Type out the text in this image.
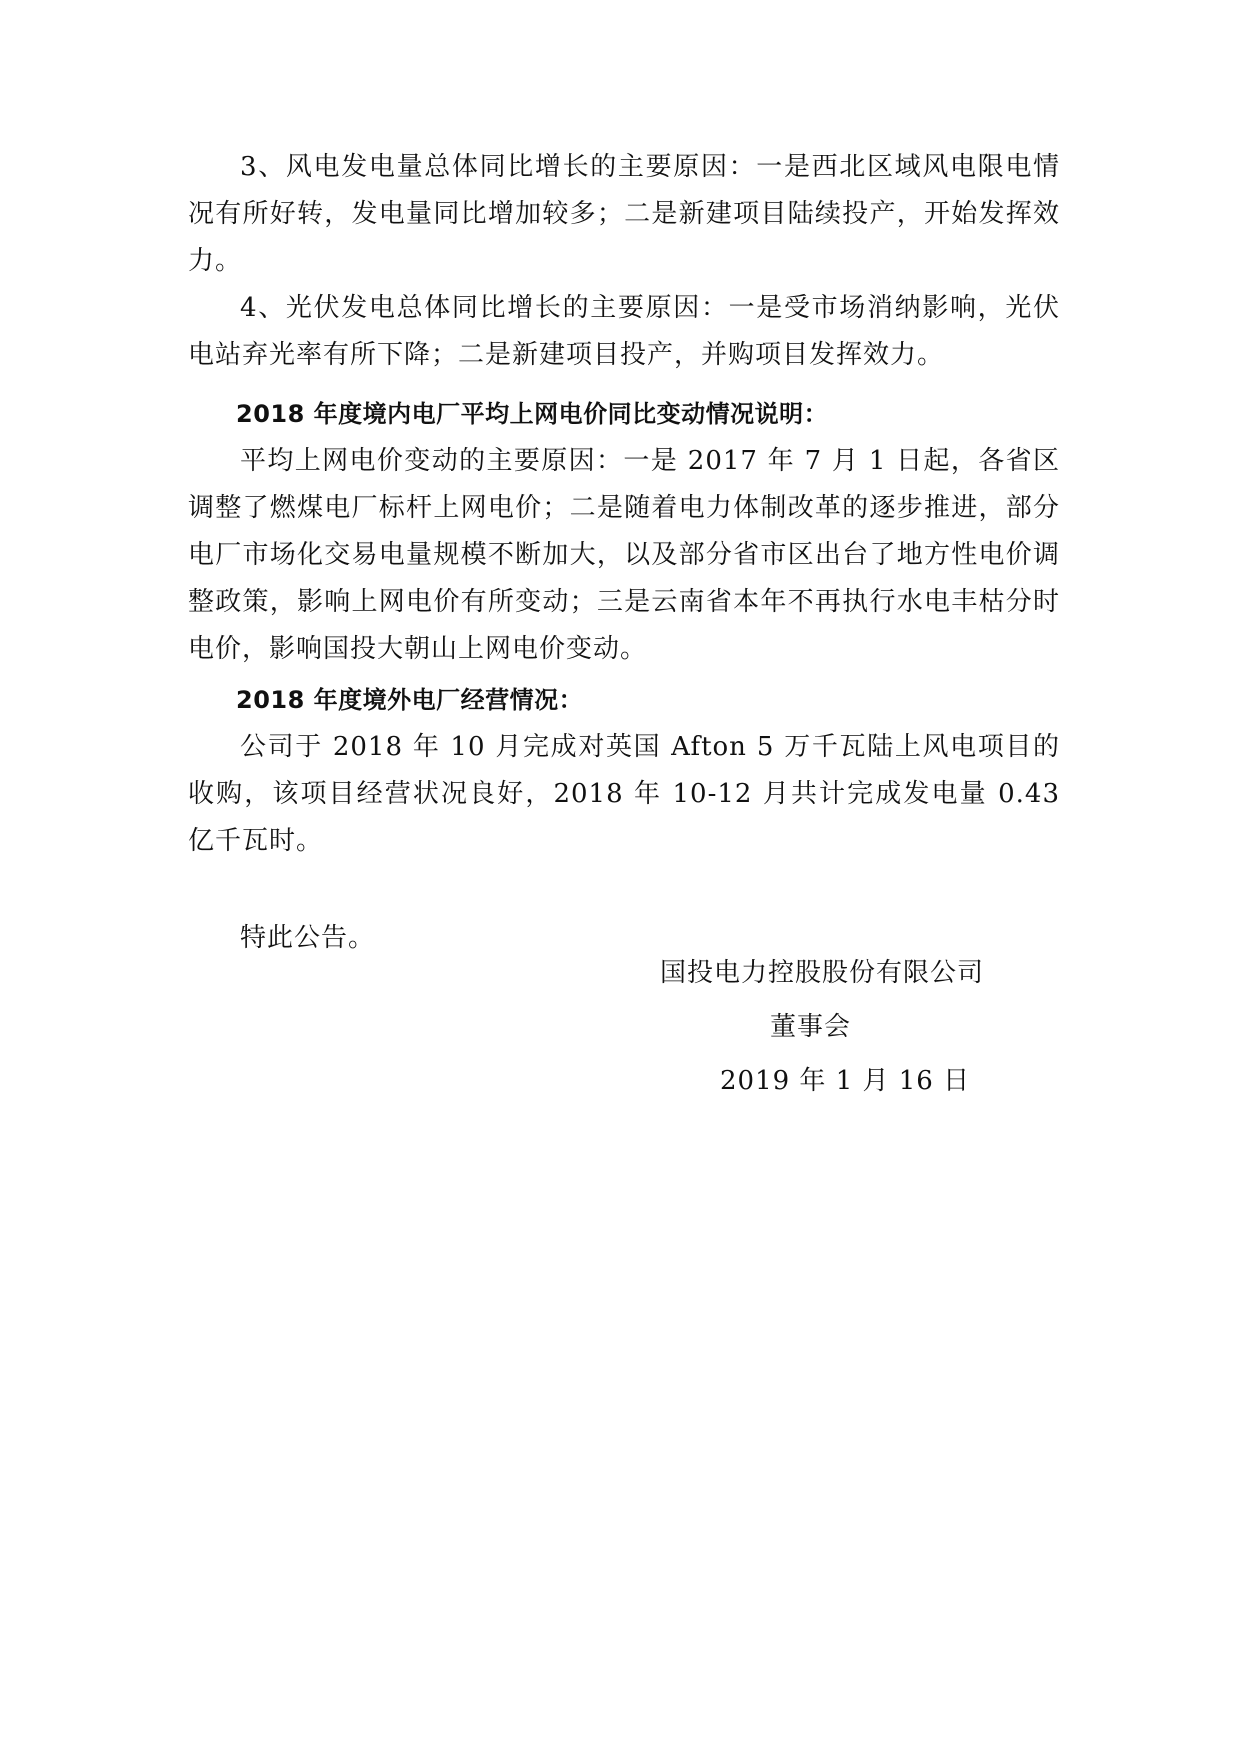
3、风电发电量总体同比增长的主要原因：一是西北区域风电限电情况有所好转，发电量同比增加较多；二是新建项目陆续投产，开始发挥效力。

4、光伏发电总体同比增长的主要原因：一是受市场消纳影响，光伏电站弃光率有所下降；二是新建项目投产，并购项目发挥效力。

2018 年度境内电厂平均上网电价同比变动情况说明：

平均上网电价变动的主要原因：一是 2017 年 7 月 1 日起，各省区调整了燃煤电厂标杆上网电价；二是随着电力体制改革的逐步推进，部分电厂市场化交易电量规模不断加大，以及部分省市区出台了地方性电价调整政策，影响上网电价有所变动；三是云南省本年不再执行水电丰枯分时电价，影响国投大朝山上网电价变动。

2018 年度境外电厂经营情况：

公司于 2018 年 10 月完成对英国 Afton 5 万千瓦陆上风电项目的收购，该项目经营状况良好，2018 年 10-12 月共计完成发电量 0.43 亿千瓦时。

特此公告。

国投电力控股股份有限公司
董事会
2019 年 1 月 16 日
